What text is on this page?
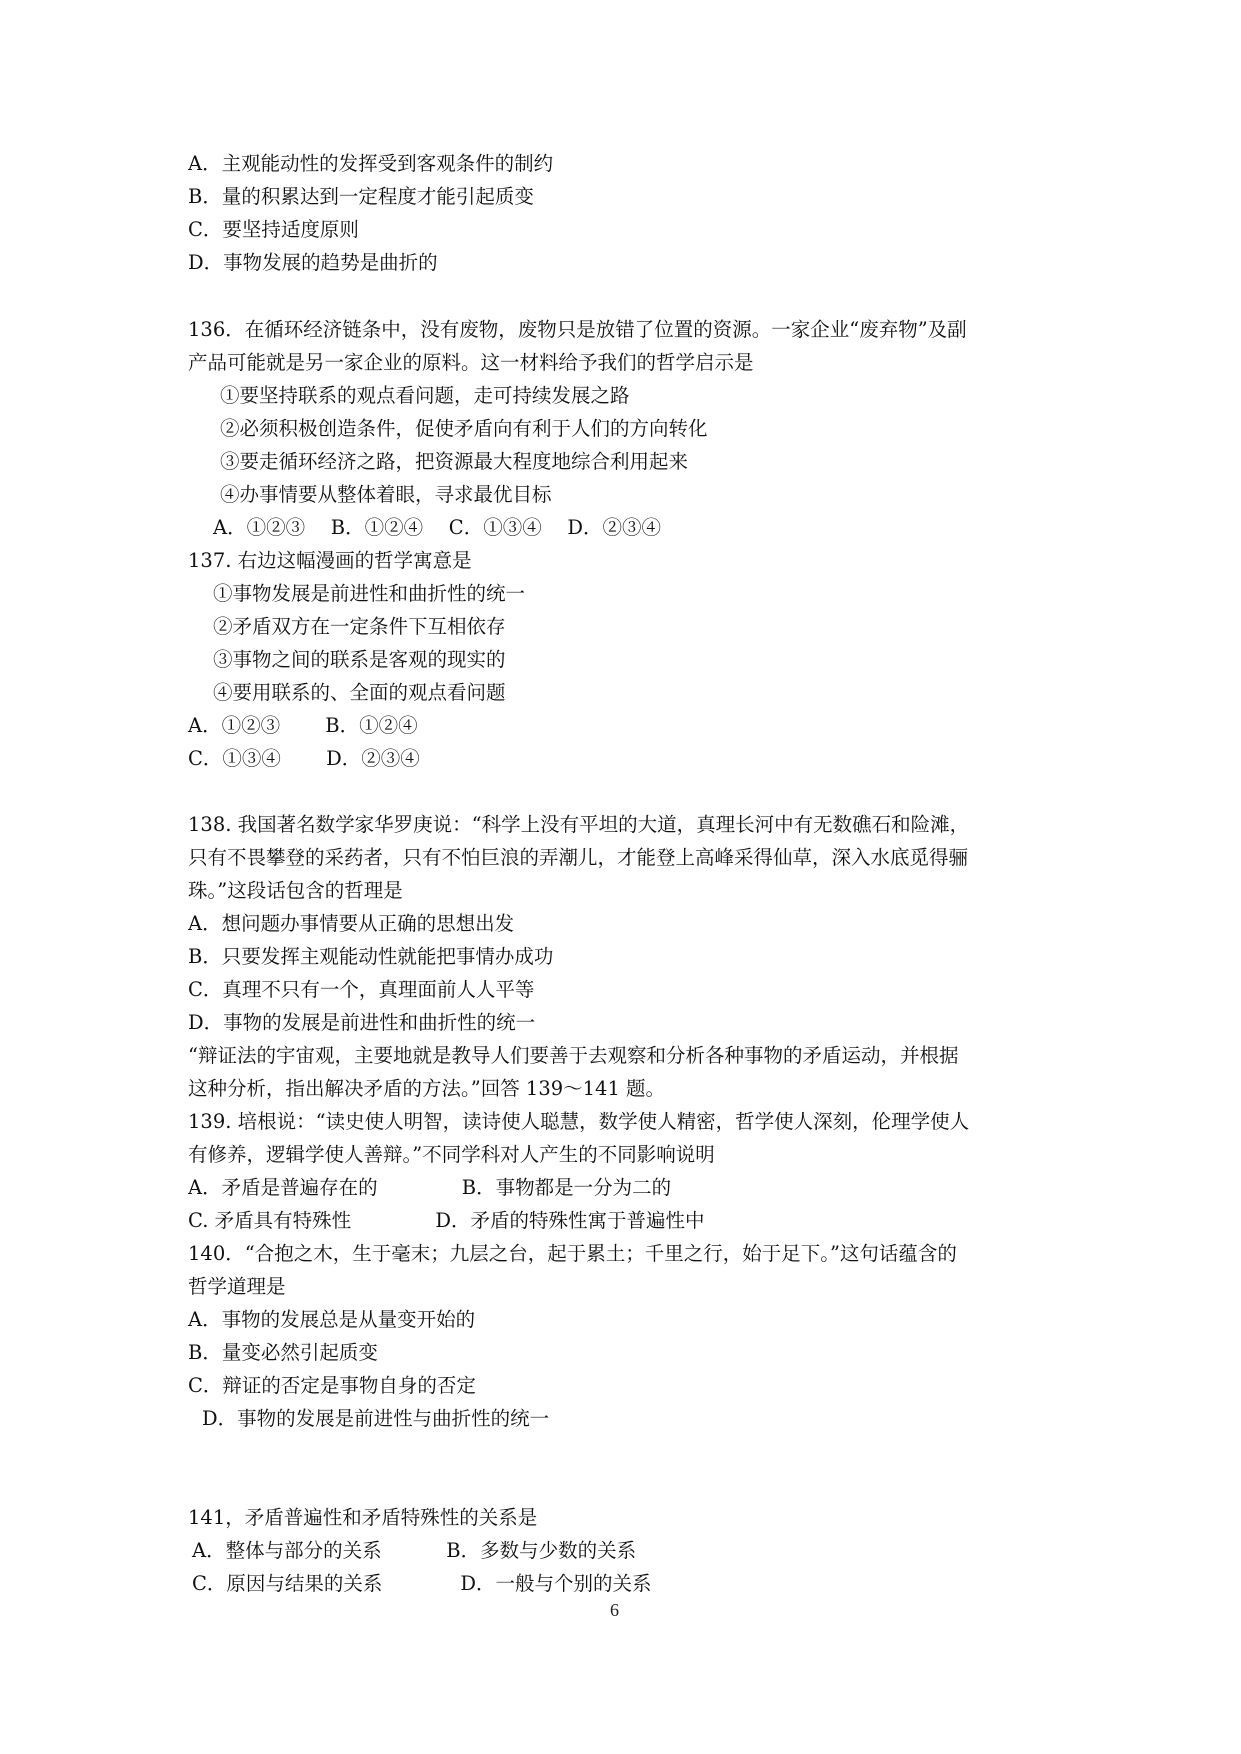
A．主观能动性的发挥受到客观条件的制约
B．量的积累达到一定程度才能引起质变
C．要坚持适度原则
D．事物发展的趋势是曲折的
136．在循环经济链条中，没有废物，废物只是放错了位置的资源。一家企业“废弃物”及副
产品可能就是另一家企业的原料。这一材料给予我们的哲学启示是
①要坚持联系的观点看问题，走可持续发展之路
②必须积极创造条件，促使矛盾向有利于人们的方向转化
③要走循环经济之路，把资源最大程度地综合利用起来
④办事情要从整体着眼，寻求最优目标
A．①②③　 B．①②④　 C．①③④　 D．②③④
137. 右边这幅漫画的哲学寓意是
①事物发展是前进性和曲折性的统一
②矛盾双方在一定条件下互相依存
③事物之间的联系是客观的现实的
④要用联系的、全面的观点看问题
A．①②③　　 B．①②④
C．①③④　　 D．②③④
138. 我国著名数学家华罗庚说：“科学上没有平坦的大道，真理长河中有无数礁石和险滩，
只有不畏攀登的采药者，只有不怕巨浪的弄潮儿，才能登上高峰采得仙草，深入水底觅得骊
珠。”这段话包含的哲理是
A．想问题办事情要从正确的思想出发
B．只要发挥主观能动性就能把事情办成功
C．真理不只有一个，真理面前人人平等
D．事物的发展是前进性和曲折性的统一
“辩证法的宇宙观，主要地就是教导人们要善于去观察和分析各种事物的矛盾运动，并根据
这种分析，指出解决矛盾的方法。”回答 139～141 题。
139. 培根说：“读史使人明智，读诗使人聪慧，数学使人精密，哲学使人深刻，伦理学使人
有修养，逻辑学使人善辩。”不同学科对人产生的不同影响说明
A．矛盾是普遍存在的　　　　 B．事物都是一分为二的
C. 矛盾具有特殊性　　　　 D．矛盾的特殊性寓于普遍性中
140．“合抱之木，生于毫末；九层之台，起于累土；千里之行，始于足下。”这句话蕴含的
哲学道理是
A．事物的发展总是从量变开始的
B．量变必然引起质变
C．辩证的否定是事物自身的否定
D．事物的发展是前进性与曲折性的统一
141，矛盾普遍性和矛盾特殊性的关系是
A．整体与部分的关系　　　 B．多数与少数的关系
C．原因与结果的关系　　　　D．一般与个别的关系
6
